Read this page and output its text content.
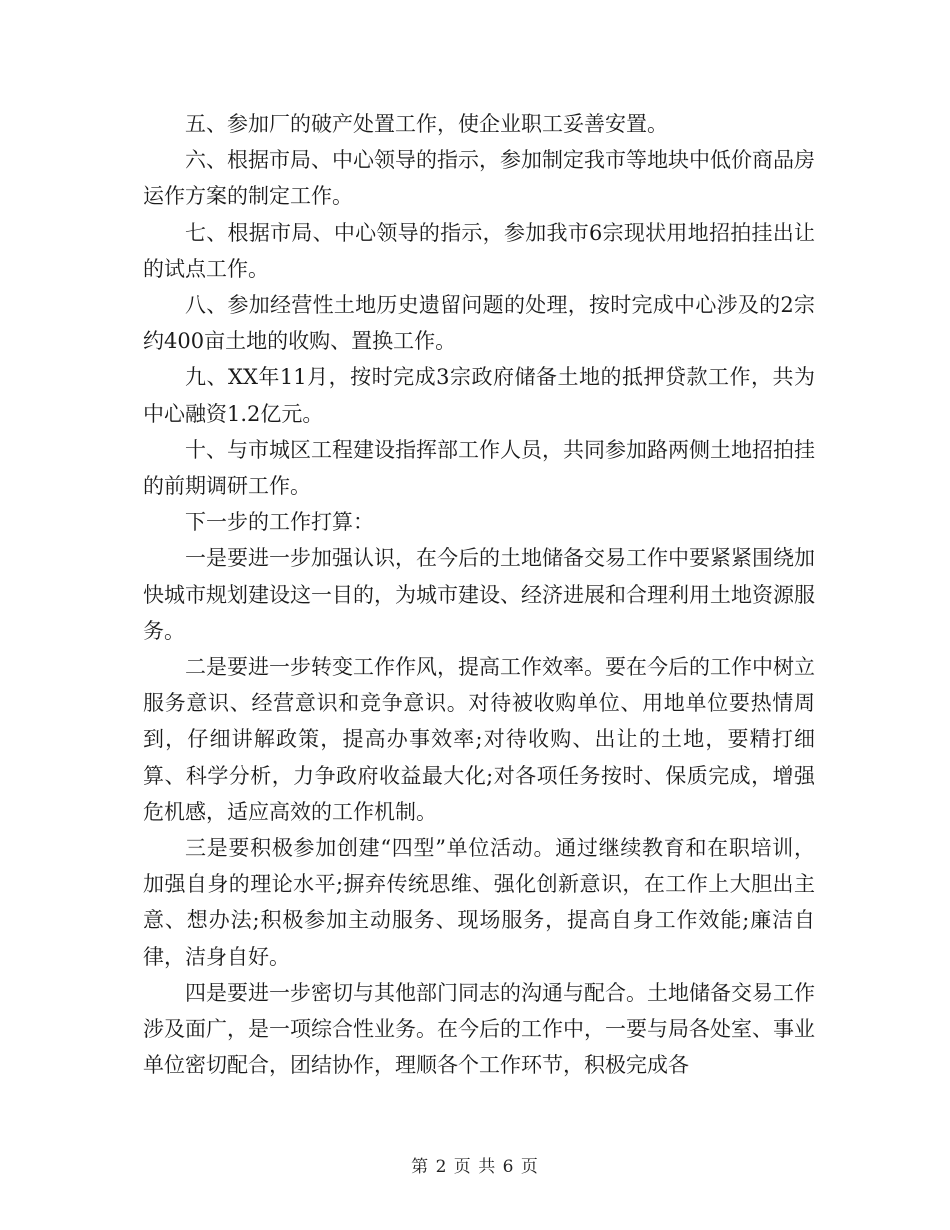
五、参加厂的破产处置工作，使企业职工妥善安置。

六、根据市局、中心领导的指示，参加制定我市等地块中低价商品房运作方案的制定工作。

七、根据市局、中心领导的指示，参加我市6宗现状用地招拍挂出让的试点工作。

八、参加经营性土地历史遗留问题的处理，按时完成中心涉及的2宗约400亩土地的收购、置换工作。

九、XX年11月，按时完成3宗政府储备土地的抵押贷款工作，共为中心融资1.2亿元。

十、与市城区工程建设指挥部工作人员，共同参加路两侧土地招拍挂的前期调研工作。

下一步的工作打算：

一是要进一步加强认识，在今后的土地储备交易工作中要紧紧围绕加快城市规划建设这一目的，为城市建设、经济进展和合理利用土地资源服务。

二是要进一步转变工作作风，提高工作效率。要在今后的工作中树立服务意识、经营意识和竞争意识。对待被收购单位、用地单位要热情周到，仔细讲解政策，提高办事效率;对待收购、出让的土地，要精打细算、科学分析，力争政府收益最大化;对各项任务按时、保质完成，增强危机感，适应高效的工作机制。

三是要积极参加创建“四型”单位活动。通过继续教育和在职培训，加强自身的理论水平;摒弃传统思维、强化创新意识，在工作上大胆出主意、想办法;积极参加主动服务、现场服务，提高自身工作效能;廉洁自律，洁身自好。

四是要进一步密切与其他部门同志的沟通与配合。土地储备交易工作涉及面广，是一项综合性业务。在今后的工作中，一要与局各处室、事业单位密切配合，团结协作，理顺各个工作环节，积极完成各

第 2 页 共 6 页
